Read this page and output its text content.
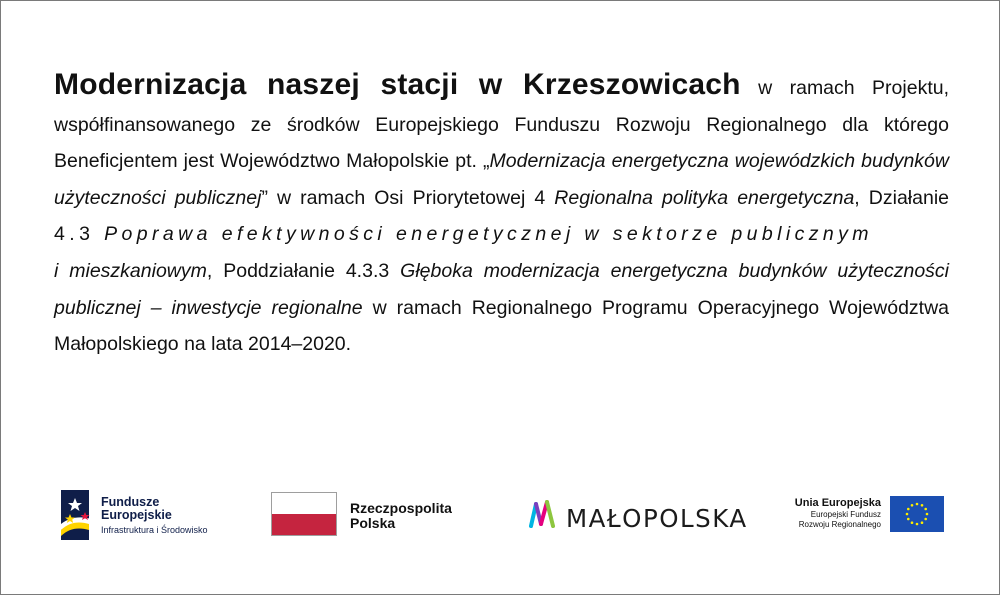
Modernizacja naszej stacji w Krzeszowicach w ramach Projektu, współfinansowanego ze środków Europejskiego Funduszu Rozwoju Regionalnego dla którego Beneficjentem jest Województwo Małopolskie pt. „Modernizacja energetyczna wojewódzkich budynków użyteczności publicznej” w ramach Osi Priorytetowej 4 Regionalna polityka energetyczna, Działanie 4.3 Poprawa efektywności energetycznej w sektorze publicznym
i mieszkaniowym, Poddziałanie 4.3.3 Głęboka modernizacja energetyczna budynków użyteczności publicznej – inwestycje regionalne w ramach Regionalnego Programu Operacyjnego Województwa Małopolskiego na lata 2014–2020.
Fundusze
Europejskie
Infrastruktura i Środowisko
Rzeczpospolita
Polska	MAŁOPOLSKA
Unia Europejska
Europejski Fundusz
Rozwoju Regionalnego
